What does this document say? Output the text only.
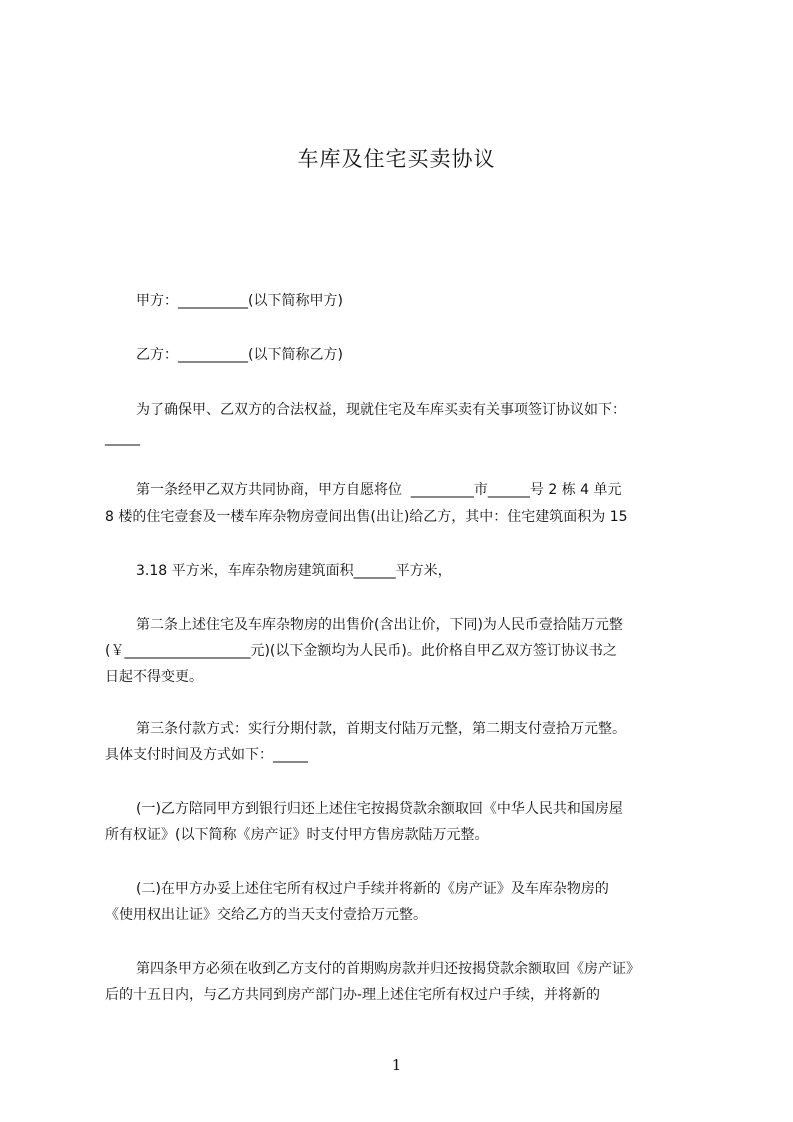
车库及住宅买卖协议
甲方：__________(以下简称甲方)
乙方：__________(以下简称乙方)
为了确保甲、乙双方的合法权益，现就住宅及车库买卖有关事项签订协议如下：
_____
第一条经甲乙双方共同协商，甲方自愿将位  _________市______号 2 栋 4 单元
8 楼的住宅壹套及一楼车库杂物房壹间出售(出让)给乙方，其中：住宅建筑面积为 15
3.18 平方米，车库杂物房建筑面积______平方米，
第二条上述住宅及车库杂物房的出售价(含出让价，下同)为人民币壹拾陆万元整
(￥__________________元)(以下金额均为人民币)。此价格自甲乙双方签订协议书之
日起不得变更。
第三条付款方式：实行分期付款，首期支付陆万元整，第二期支付壹拾万元整。
具体支付时间及方式如下：_____
(一)乙方陪同甲方到银行归还上述住宅按揭贷款余额取回《中华人民共和国房屋
所有权证》(以下简称《房产证》时支付甲方售房款陆万元整。
(二)在甲方办妥上述住宅所有权过户手续并将新的《房产证》及车库杂物房的
《使用权出让证》交给乙方的当天支付壹拾万元整。
第四条甲方必须在收到乙方支付的首期购房款并归还按揭贷款余额取回《房产证》
后的十五日内，与乙方共同到房产部门办-理上述住宅所有权过户手续，并将新的
1
